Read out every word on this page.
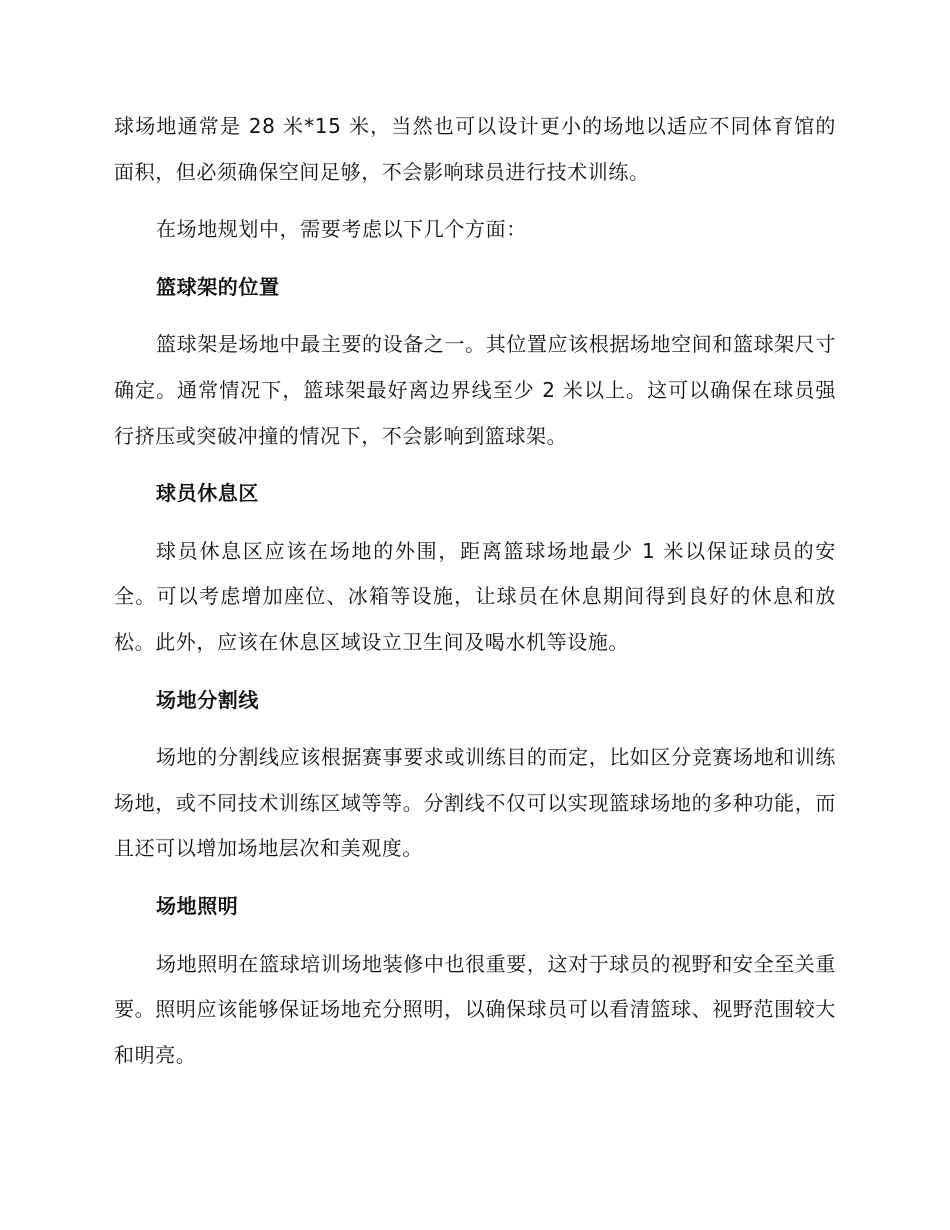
球场地通常是 28 米*15 米，当然也可以设计更小的场地以适应不同体育馆的面积，但必须确保空间足够，不会影响球员进行技术训练。

在场地规划中，需要考虑以下几个方面：

篮球架的位置

篮球架是场地中最主要的设备之一。其位置应该根据场地空间和篮球架尺寸确定。通常情况下，篮球架最好离边界线至少 2 米以上。这可以确保在球员强行挤压或突破冲撞的情况下，不会影响到篮球架。

球员休息区

球员休息区应该在场地的外围，距离篮球场地最少 1 米以保证球员的安全。可以考虑增加座位、冰箱等设施，让球员在休息期间得到良好的休息和放松。此外，应该在休息区域设立卫生间及喝水机等设施。

场地分割线

场地的分割线应该根据赛事要求或训练目的而定，比如区分竞赛场地和训练场地，或不同技术训练区域等等。分割线不仅可以实现篮球场地的多种功能，而且还可以增加场地层次和美观度。

场地照明

场地照明在篮球培训场地装修中也很重要，这对于球员的视野和安全至关重要。照明应该能够保证场地充分照明，以确保球员可以看清篮球、视野范围较大和明亮。
